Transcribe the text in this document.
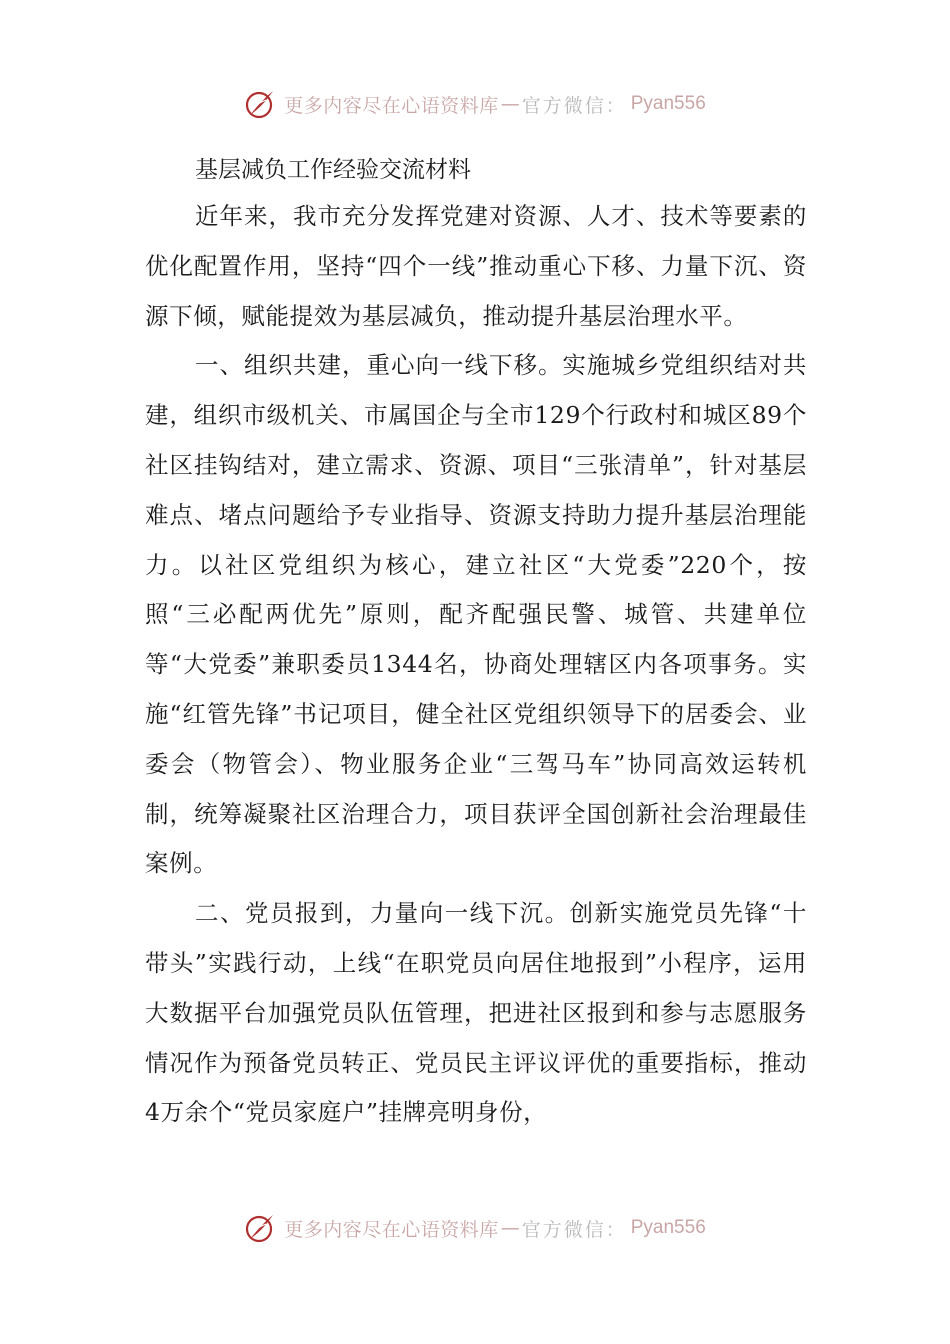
更多内容尽在心语资料库 — 官方微信： Pyan556

基层减负工作经验交流材料

近年来，我市充分发挥党建对资源、人才、技术等要素的优化配置作用，坚持“四个一线”推动重心下移、力量下沉、资源下倾，赋能提效为基层减负，推动提升基层治理水平。

一、组织共建，重心向一线下移。实施城乡党组织结对共建，组织市级机关、市属国企与全市129个行政村和城区89个社区挂钩结对，建立需求、资源、项目“三张清单”，针对基层难点、堵点问题给予专业指导、资源支持助力提升基层治理能力。以社区党组织为核心，建立社区“大党委”220个，按照“三必配两优先”原则，配齐配强民警、城管、共建单位等“大党委”兼职委员1344名，协商处理辖区内各项事务。实施“红管先锋”书记项目，健全社区党组织领导下的居委会、业委会（物管会）、物业服务企业“三驾马车”协同高效运转机制，统筹凝聚社区治理合力，项目获评全国创新社会治理最佳案例。

二、党员报到，力量向一线下沉。创新实施党员先锋“十带头”实践行动，上线“在职党员向居住地报到”小程序，运用大数据平台加强党员队伍管理，把进社区报到和参与志愿服务情况作为预备党员转正、党员民主评议评优的重要指标，推动4万余个“党员家庭户”挂牌亮明身份，

更多内容尽在心语资料库 — 官方微信： Pyan556
